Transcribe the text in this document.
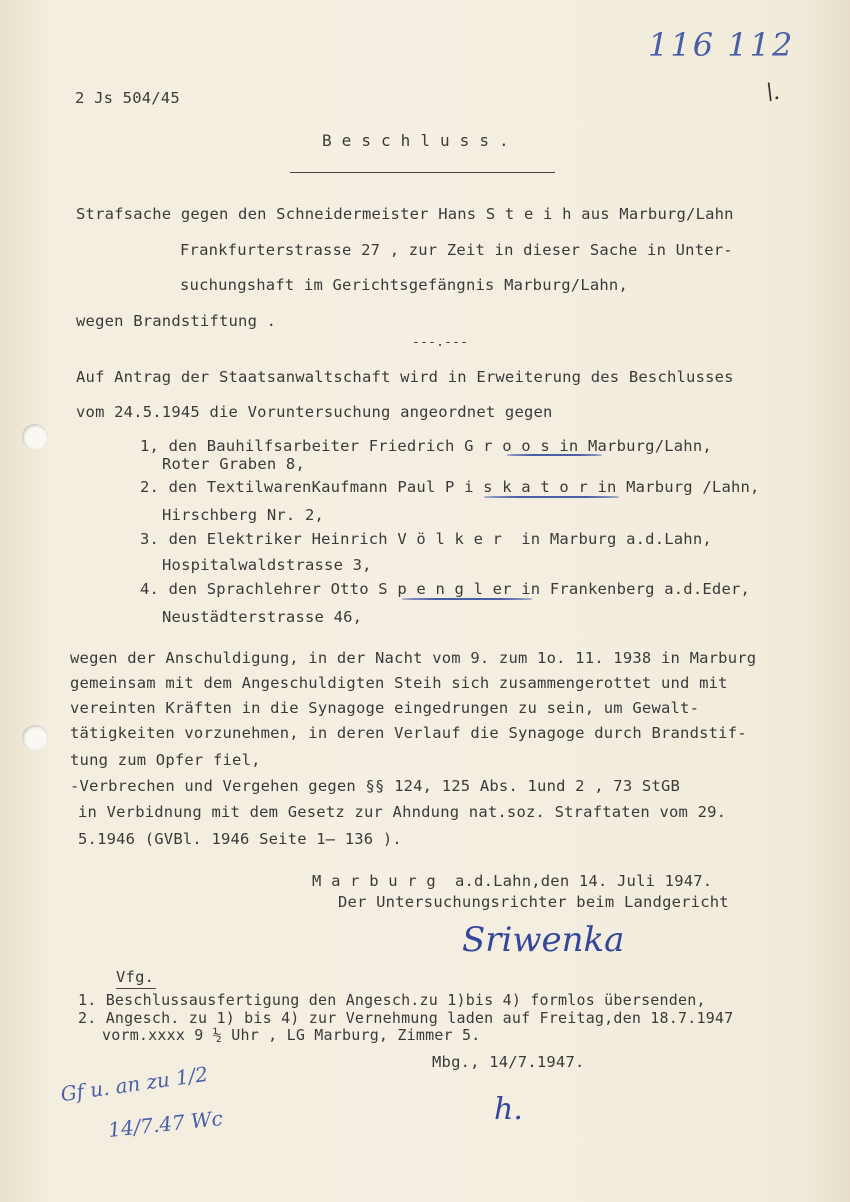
116 112
\.
2 Js 504/45
B e s c h l u s s .
Strafsache gegen den Schneidermeister Hans S t e i h aus Marburg/Lahn
Frankfurterstrasse 27 , zur Zeit in dieser Sache in Unter-
suchungshaft im Gerichtsgefängnis Marburg/Lahn,
wegen Brandstiftung .
---.---
Auf Antrag der Staatsanwaltschaft wird in Erweiterung des Beschlusses
vom 24.5.1945 die Voruntersuchung angeordnet gegen
1, den Bauhilfsarbeiter Friedrich G r o o s in Marburg/Lahn,
Roter Graben 8,
2. den TextilwarenKaufmann Paul P i s k a t o r in Marburg /Lahn,
Hirschberg Nr. 2,
3. den Elektriker Heinrich V ö l k e r  in Marburg a.d.Lahn,
Hospitalwaldstrasse 3,
4. den Sprachlehrer Otto S p e n g l er in Frankenberg a.d.Eder,
Neustädterstrasse 46,
wegen der Anschuldigung, in der Nacht vom 9. zum 1o. 11. 1938 in Marburg
gemeinsam mit dem Angeschuldigten Steih sich zusammengerottet und mit
vereinten Kräften in die Synagoge eingedrungen zu sein, um Gewalt-
tätigkeiten vorzunehmen, in deren Verlauf die Synagoge durch Brandstif-
tung zum Opfer fiel,
-Verbrechen und Vergehen gegen §§ 124, 125 Abs. 1und 2 , 73 StGB
in Verbidnung mit dem Gesetz zur Ahndung nat.soz. Straftaten vom 29.
5.1946 (GVBl. 1946 Seite 1̶ 136 ).
M a r b u r g  a.d.Lahn,den 14. Juli 1947.
Der Untersuchungsrichter beim Landgericht
Sriwenka
Vfg.
1. Beschlussausfertigung den Angesch.zu 1)bis 4) formlos übersenden,
2. Angesch. zu 1) bis 4) zur Vernehmung laden auf Freitag,den 18.7.1947
vorm.xxxx 9 ½ Uhr , LG Marburg, Zimmer 5.
Mbg., 14/7.1947.
Gf u. an zu 1/2
14/7.47 Wc	h.
